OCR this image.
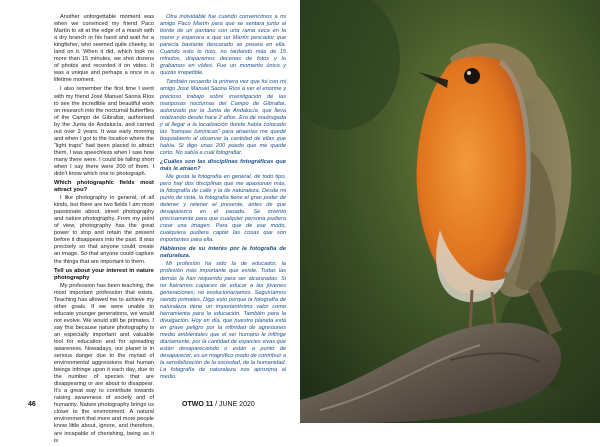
Another unforgettable moment was when we convinced my friend Paco Martín to sit at the edge of a marsh with a dry branch in his hand and wait for a kingfisher, who seemed quite cheeky, to land on it. When it did, which took no more than 15 minutes, we shot dozens of photos and recorded it on video. It was a unique and perhaps a once in a lifetime moment.

I also remember the first time I went with my friend José Manuel Saona Ríos to see the incredible and beautiful work on research into the nocturnal butterflies of the Campo de Gibraltar, authorised by the Junta de Andalucía, and carried out over 2 years. It was early morning and when I got to the location where the “light traps” had been placed to attract them, I was speechless when I saw how many there were. I could be falling short when I say there were 200 of them. I didn't know which one to photograph.

Which photographic fields most attract you?

I like photography in general, of all kinds, but there are two fields I am most passionate about, street photography and nature photography. From my point of view, photography has the great power to stop and retain the present before it disappears into the past. It was precisely so that anyone could create an image. So that anyone could capture the things that are important to them.

Tell us about your interest in nature photography

My profession has been teaching, the most important profession that exists. Teaching has allowed me to achieve my other goals. If we were unable to educate younger generations, we would not evolve. We would still be primates. I say this because nature photography is an especially important and valuable tool for education and for spreading awareness. Nowadays, our planet is in serious danger due to the myriad of environmental aggressions that human beings infringe upon it each day, due to the number of species that are disappearing or are about to disappear. It's a great way to contribute towards raising awareness of society and of humanity. Nature photography brings us closer to the environment. A natural environment that more and more people know little about, ignore, and therefore, are incapable of cherishing, being as it is

Otra inolvidable fue cuando convencimos a mi amigo Paco Martín para que se sentara junto al borde de un pantano con una rama seca en la mano y esperara a que un Martín pescador que parecía bastante descarado se posara en ella. Cuando esto lo hizo, no tardando más de 15 minutos, disparamos decenas de fotos y lo grabamos en vídeo. Fue un momento único y quizás irrepetible.

También recuerdo la primera vez que fui con mi amigo José Manuel Saona Ríos a ver el enorme y precioso trabajo sobre investigación de las mariposas nocturnas del Campo de Gibraltar, autorizado por la Junta de Andalucía, que lleva realizando desde hace 2 años. Era de madrugada y al llegar a la localización donde había colocado las “trampas lumínicas” para atraerlas me quedé boquiabierto al observar la cantidad de ellas que había. Si digo unas 200 puedo que me quede corto. No sabía a cuál fotografiar.

¿Cuáles son las disciplinas fotográficas que más le atraen?

Me gusta la fotografía en general, de todo tipo, pero hay dos disciplinas que me apasionan más, la fotografía de calle y la de naturaleza. Desde mi punto de vista, la fotografía tiene el gran poder de detener y retener el presente, antes de que desaparezca en el pasado. Se inventó precisamente para que cualquier persona pudiera crear una imagen. Para que de ese modo, cualquiera pudiera captar las cosas que son importantes para ella.

Háblenos de su interés por la fotografía de naturaleza.

Mi profesión ha sido la de educador, la profesión más importante que existe. Todas las demás la han requerido para ser alcanzadas. Si no fuéramos capaces de educar a las jóvenes generaciones, no evolucionaríamos. Seguiríamos siendo primates. Digo esto porque la fotografía de naturaleza tiene un importantísimo valor como herramienta para la educación. También para la divulgación. Hoy en día, que nuestro planeta está en grave peligro por la infinidad de agresiones medio ambientales que el ser humano le inflinge diariamente, por la cantidad de especies vivas que están desapareciendo o están a punto de desaparecer, es un magnífico modo de contribuir a la sensibilización de la sociedad, de la humanidad. La fotografía de naturaleza nos aproxima al medio.

46	OTWO 11 / JUNE 2020
